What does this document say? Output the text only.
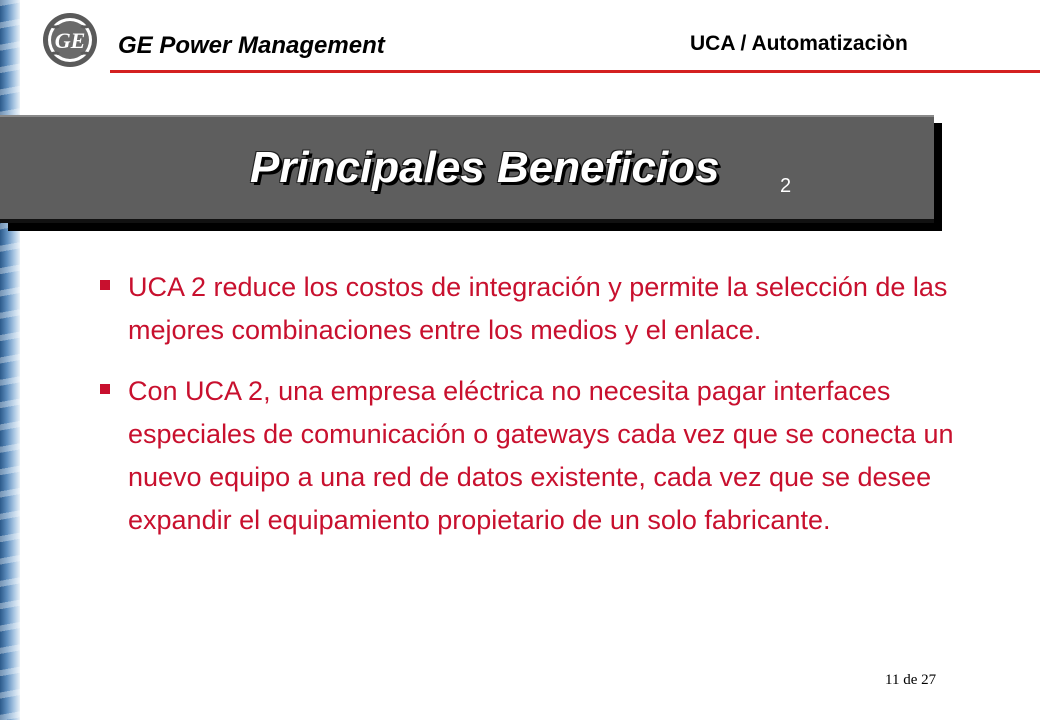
GE GE Power Management	UCA / Automatizaciòn
Principales Beneficios	2
UCA 2 reduce los costos de integración y permite la selección de las mejores combinaciones entre los medios y el enlace.
Con UCA 2, una empresa eléctrica no necesita pagar interfaces especiales de comunicación o gateways cada vez que se conecta un nuevo equipo a una red de datos existente, cada vez que se desee expandir el equipamiento propietario de un solo fabricante.
11 de 27
